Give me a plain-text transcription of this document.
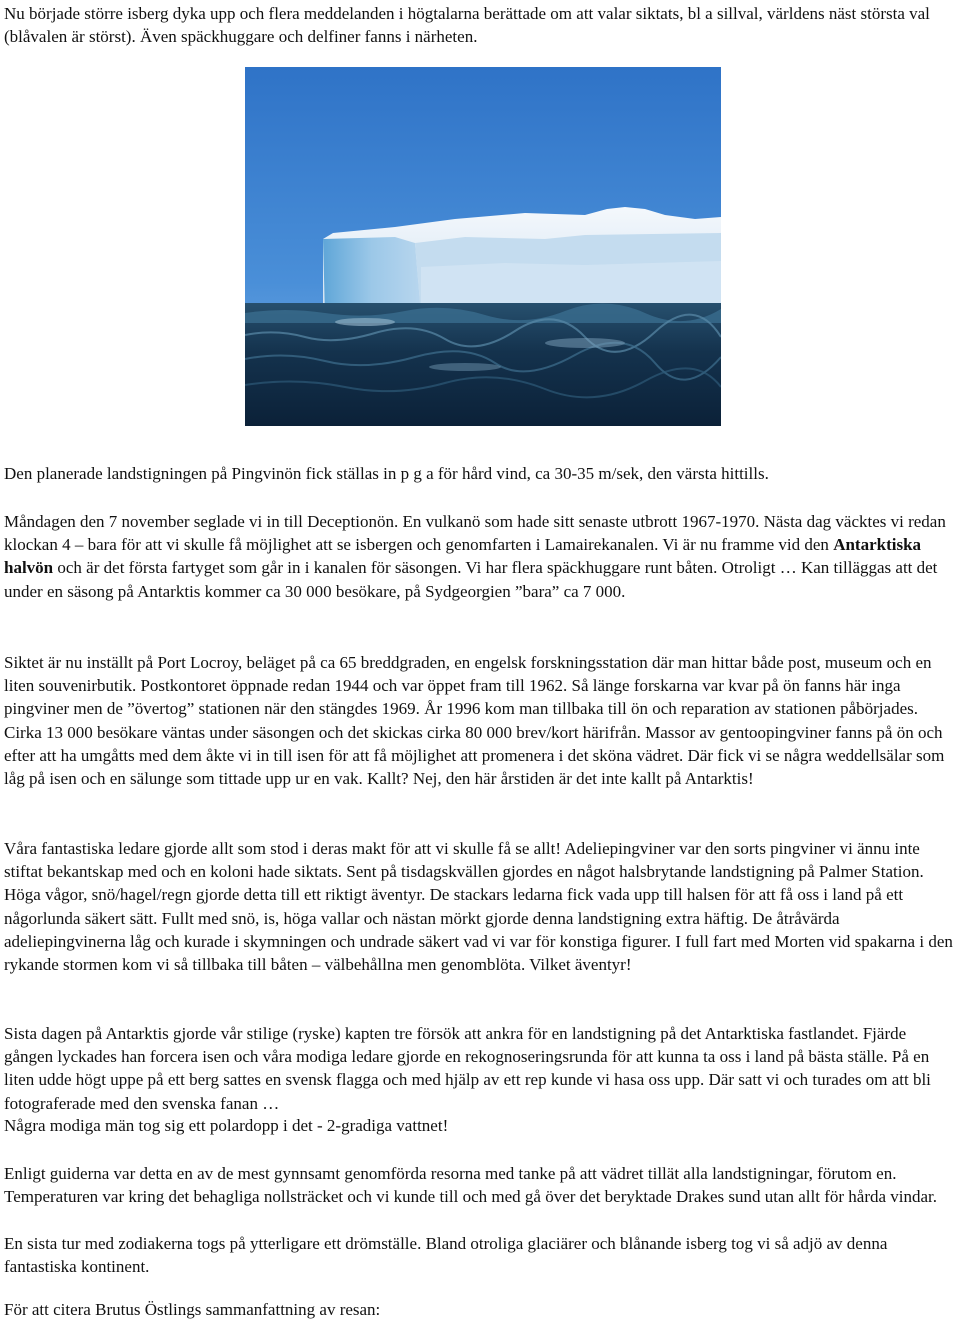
Nu började större isberg dyka upp och flera meddelanden i högtalarna berättade om att valar siktats, bl a sillval, världens näst största val (blåvalen är störst). Även späckhuggare och delfiner fanns i närheten.

Den planerade landstigningen på Pingvinön fick ställas in p g a för hård vind, ca 30-35 m/sek, den värsta hittills.

Måndagen den 7 november seglade vi in till Deceptionön. En vulkanö som hade sitt senaste utbrott 1967-1970. Nästa dag väcktes vi redan klockan 4 – bara för att vi skulle få möjlighet att se isbergen och genomfarten i Lamairekanalen. Vi är nu framme vid den Antarktiska halvön och är det första fartyget som går in i kanalen för säsongen. Vi har flera späckhuggare runt båten. Otroligt … Kan tilläggas att det under en säsong på Antarktis kommer ca 30 000 besökare, på Sydgeorgien ”bara” ca 7 000.

Siktet är nu inställt på Port Locroy, beläget på ca 65 breddgraden, en engelsk forskningsstation där man hittar både post, museum och en liten souvenirbutik. Postkontoret öppnade redan 1944 och var öppet fram till 1962. Så länge forskarna var kvar på ön fanns här inga pingviner men de ”övertog” stationen när den stängdes 1969. År 1996 kom man tillbaka till ön och reparation av stationen påbörjades. Cirka 13 000 besökare väntas under säsongen och det skickas cirka 80 000 brev/kort härifrån. Massor av gentoopingviner fanns på ön och efter att ha umgåtts med dem åkte vi in till isen för att få möjlighet att promenera i det sköna vädret. Där fick vi se några weddellsälar som låg på isen och en sälunge som tittade upp ur en vak. Kallt? Nej, den här årstiden är det inte kallt på Antarktis!

Våra fantastiska ledare gjorde allt som stod i deras makt för att vi skulle få se allt! Adeliepingviner var den sorts pingviner vi ännu inte stiftat bekantskap med och en koloni hade siktats. Sent på tisdagskvällen gjordes en något halsbrytande landstigning på Palmer Station. Höga vågor, snö/hagel/regn gjorde detta till ett riktigt äventyr. De stackars ledarna fick vada upp till halsen för att få oss i land på ett någorlunda säkert sätt. Fullt med snö, is, höga vallar och nästan mörkt gjorde denna landstigning extra häftig. De åtråvärda adeliepingvinerna låg och kurade i skymningen och undrade säkert vad vi var för konstiga figurer. I full fart med Morten vid spakarna i den rykande stormen kom vi så tillbaka till båten – välbehållna men genomblöta. Vilket äventyr!

Sista dagen på Antarktis gjorde vår stilige (ryske) kapten tre försök att ankra för en landstigning på det Antarktiska fastlandet. Fjärde gången lyckades han forcera isen och våra modiga ledare gjorde en rekognoseringsrunda för att kunna ta oss i land på bästa ställe. På en liten udde högt uppe på ett berg sattes en svensk flagga och med hjälp av ett rep kunde vi hasa oss upp. Där satt vi och turades om att bli fotograferade med den svenska fanan …

Några modiga män tog sig ett polardopp i det - 2-gradiga vattnet!

Enligt guiderna var detta en av de mest gynnsamt genomförda resorna med tanke på att vädret tillät alla landstigningar, förutom en. Temperaturen var kring det behagliga nollsträcket och vi kunde till och med gå över det beryktade Drakes sund utan allt för hårda vindar.

En sista tur med zodiakerna togs på ytterligare ett drömställe. Bland otroliga glaciärer och blånande isberg tog vi så adjö av denna fantastiska kontinent.

För att citera Brutus Östlings sammanfattning av resan:
